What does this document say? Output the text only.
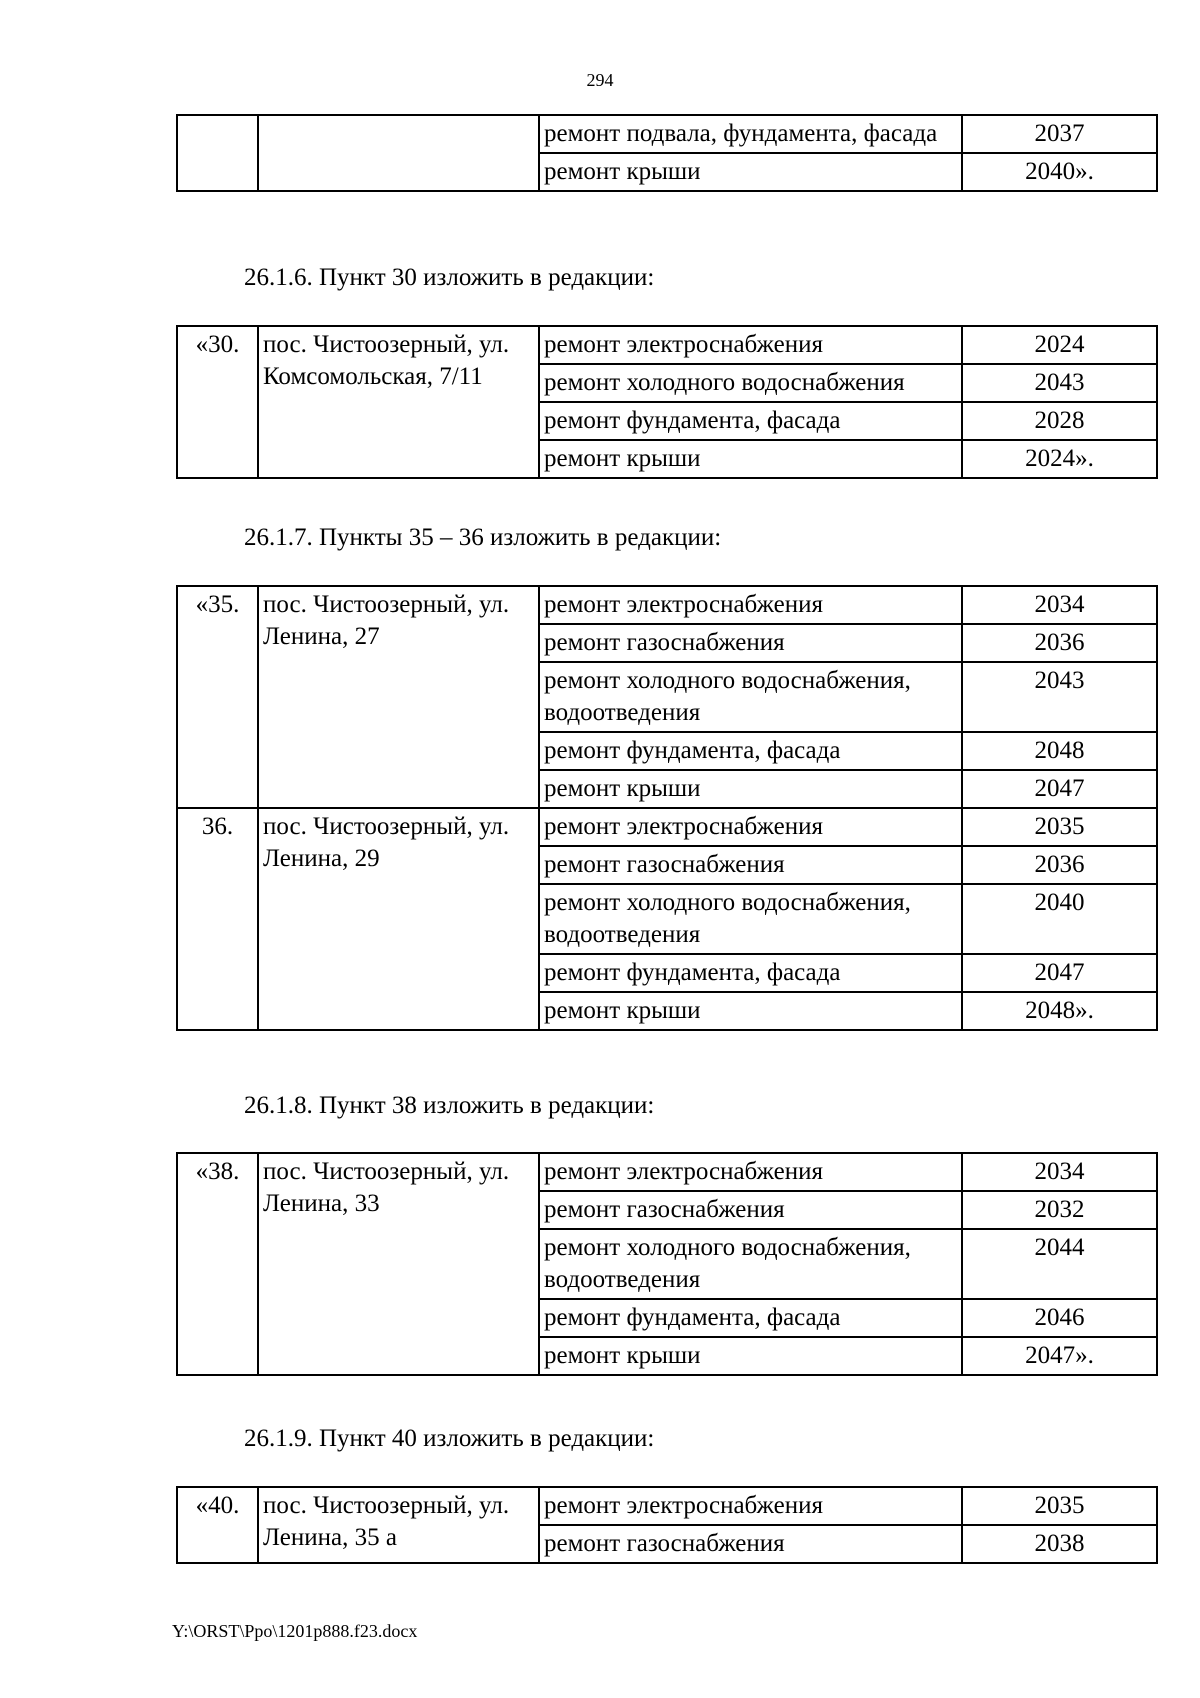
294
		ремонт подвала, фундамента, фасада	2037
		ремонт крыши	2040».
26.1.6. Пункт 30 изложить в редакции:
«30.	пос. Чистоозерный, ул. Комсомольская, 7/11	ремонт электроснабжения	2024
		ремонт холодного водоснабжения	2043
		ремонт фундамента, фасада	2028
		ремонт крыши	2024».
26.1.7. Пункты 35 – 36 изложить в редакции:
«35.	пос. Чистоозерный, ул. Ленина, 27	ремонт электроснабжения	2034
		ремонт газоснабжения	2036
		ремонт холодного водоснабжения, водоотведения	2043
		ремонт фундамента, фасада	2048
		ремонт крыши	2047
36.	пос. Чистоозерный, ул. Ленина, 29	ремонт электроснабжения	2035
		ремонт газоснабжения	2036
		ремонт холодного водоснабжения, водоотведения	2040
		ремонт фундамента, фасада	2047
		ремонт крыши	2048».
26.1.8. Пункт 38 изложить в редакции:
«38.	пос. Чистоозерный, ул. Ленина, 33	ремонт электроснабжения	2034
		ремонт газоснабжения	2032
		ремонт холодного водоснабжения, водоотведения	2044
		ремонт фундамента, фасада	2046
		ремонт крыши	2047».
26.1.9. Пункт 40 изложить в редакции:
«40.	пос. Чистоозерный, ул. Ленина, 35 а	ремонт электроснабжения	2035
		ремонт газоснабжения	2038
Y:\ORST\Ppo\1201p888.f23.docx
